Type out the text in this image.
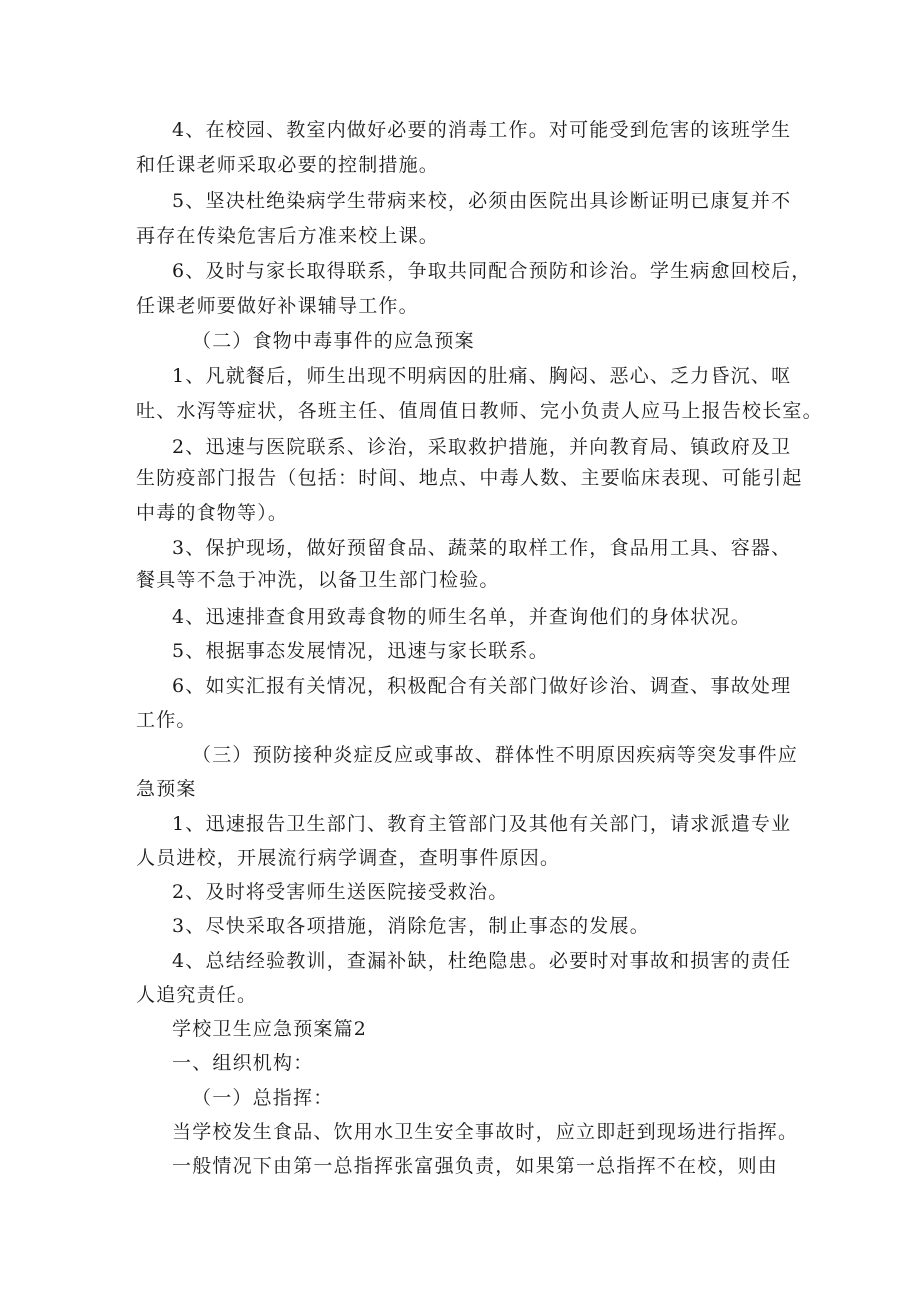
4、在校园、教室内做好必要的消毒工作。对可能受到危害的该班学生
和任课老师采取必要的控制措施。
5、坚决杜绝染病学生带病来校，必须由医院出具诊断证明已康复并不
再存在传染危害后方准来校上课。
6、及时与家长取得联系，争取共同配合预防和诊治。学生病愈回校后，
任课老师要做好补课辅导工作。
（二）食物中毒事件的应急预案
1、凡就餐后，师生出现不明病因的肚痛、胸闷、恶心、乏力昏沉、呕
吐、水泻等症状，各班主任、值周值日教师、完小负责人应马上报告校长室。
2、迅速与医院联系、诊治，采取救护措施，并向教育局、镇政府及卫
生防疫部门报告（包括：时间、地点、中毒人数、主要临床表现、可能引起
中毒的食物等）。
3、保护现场，做好预留食品、蔬菜的取样工作，食品用工具、容器、
餐具等不急于冲洗，以备卫生部门检验。
4、迅速排查食用致毒食物的师生名单，并查询他们的身体状况。
5、根据事态发展情况，迅速与家长联系。
6、如实汇报有关情况，积极配合有关部门做好诊治、调查、事故处理
工作。
（三）预防接种炎症反应或事故、群体性不明原因疾病等突发事件应
急预案
1、迅速报告卫生部门、教育主管部门及其他有关部门，请求派遣专业
人员进校，开展流行病学调查，查明事件原因。
2、及时将受害师生送医院接受救治。
3、尽快采取各项措施，消除危害，制止事态的发展。
4、总结经验教训，查漏补缺，杜绝隐患。必要时对事故和损害的责任
人追究责任。
学校卫生应急预案篇2
一、组织机构：
（一）总指挥：
当学校发生食品、饮用水卫生安全事故时，应立即赶到现场进行指挥。
一般情况下由第一总指挥张富强负责，如果第一总指挥不在校，则由
